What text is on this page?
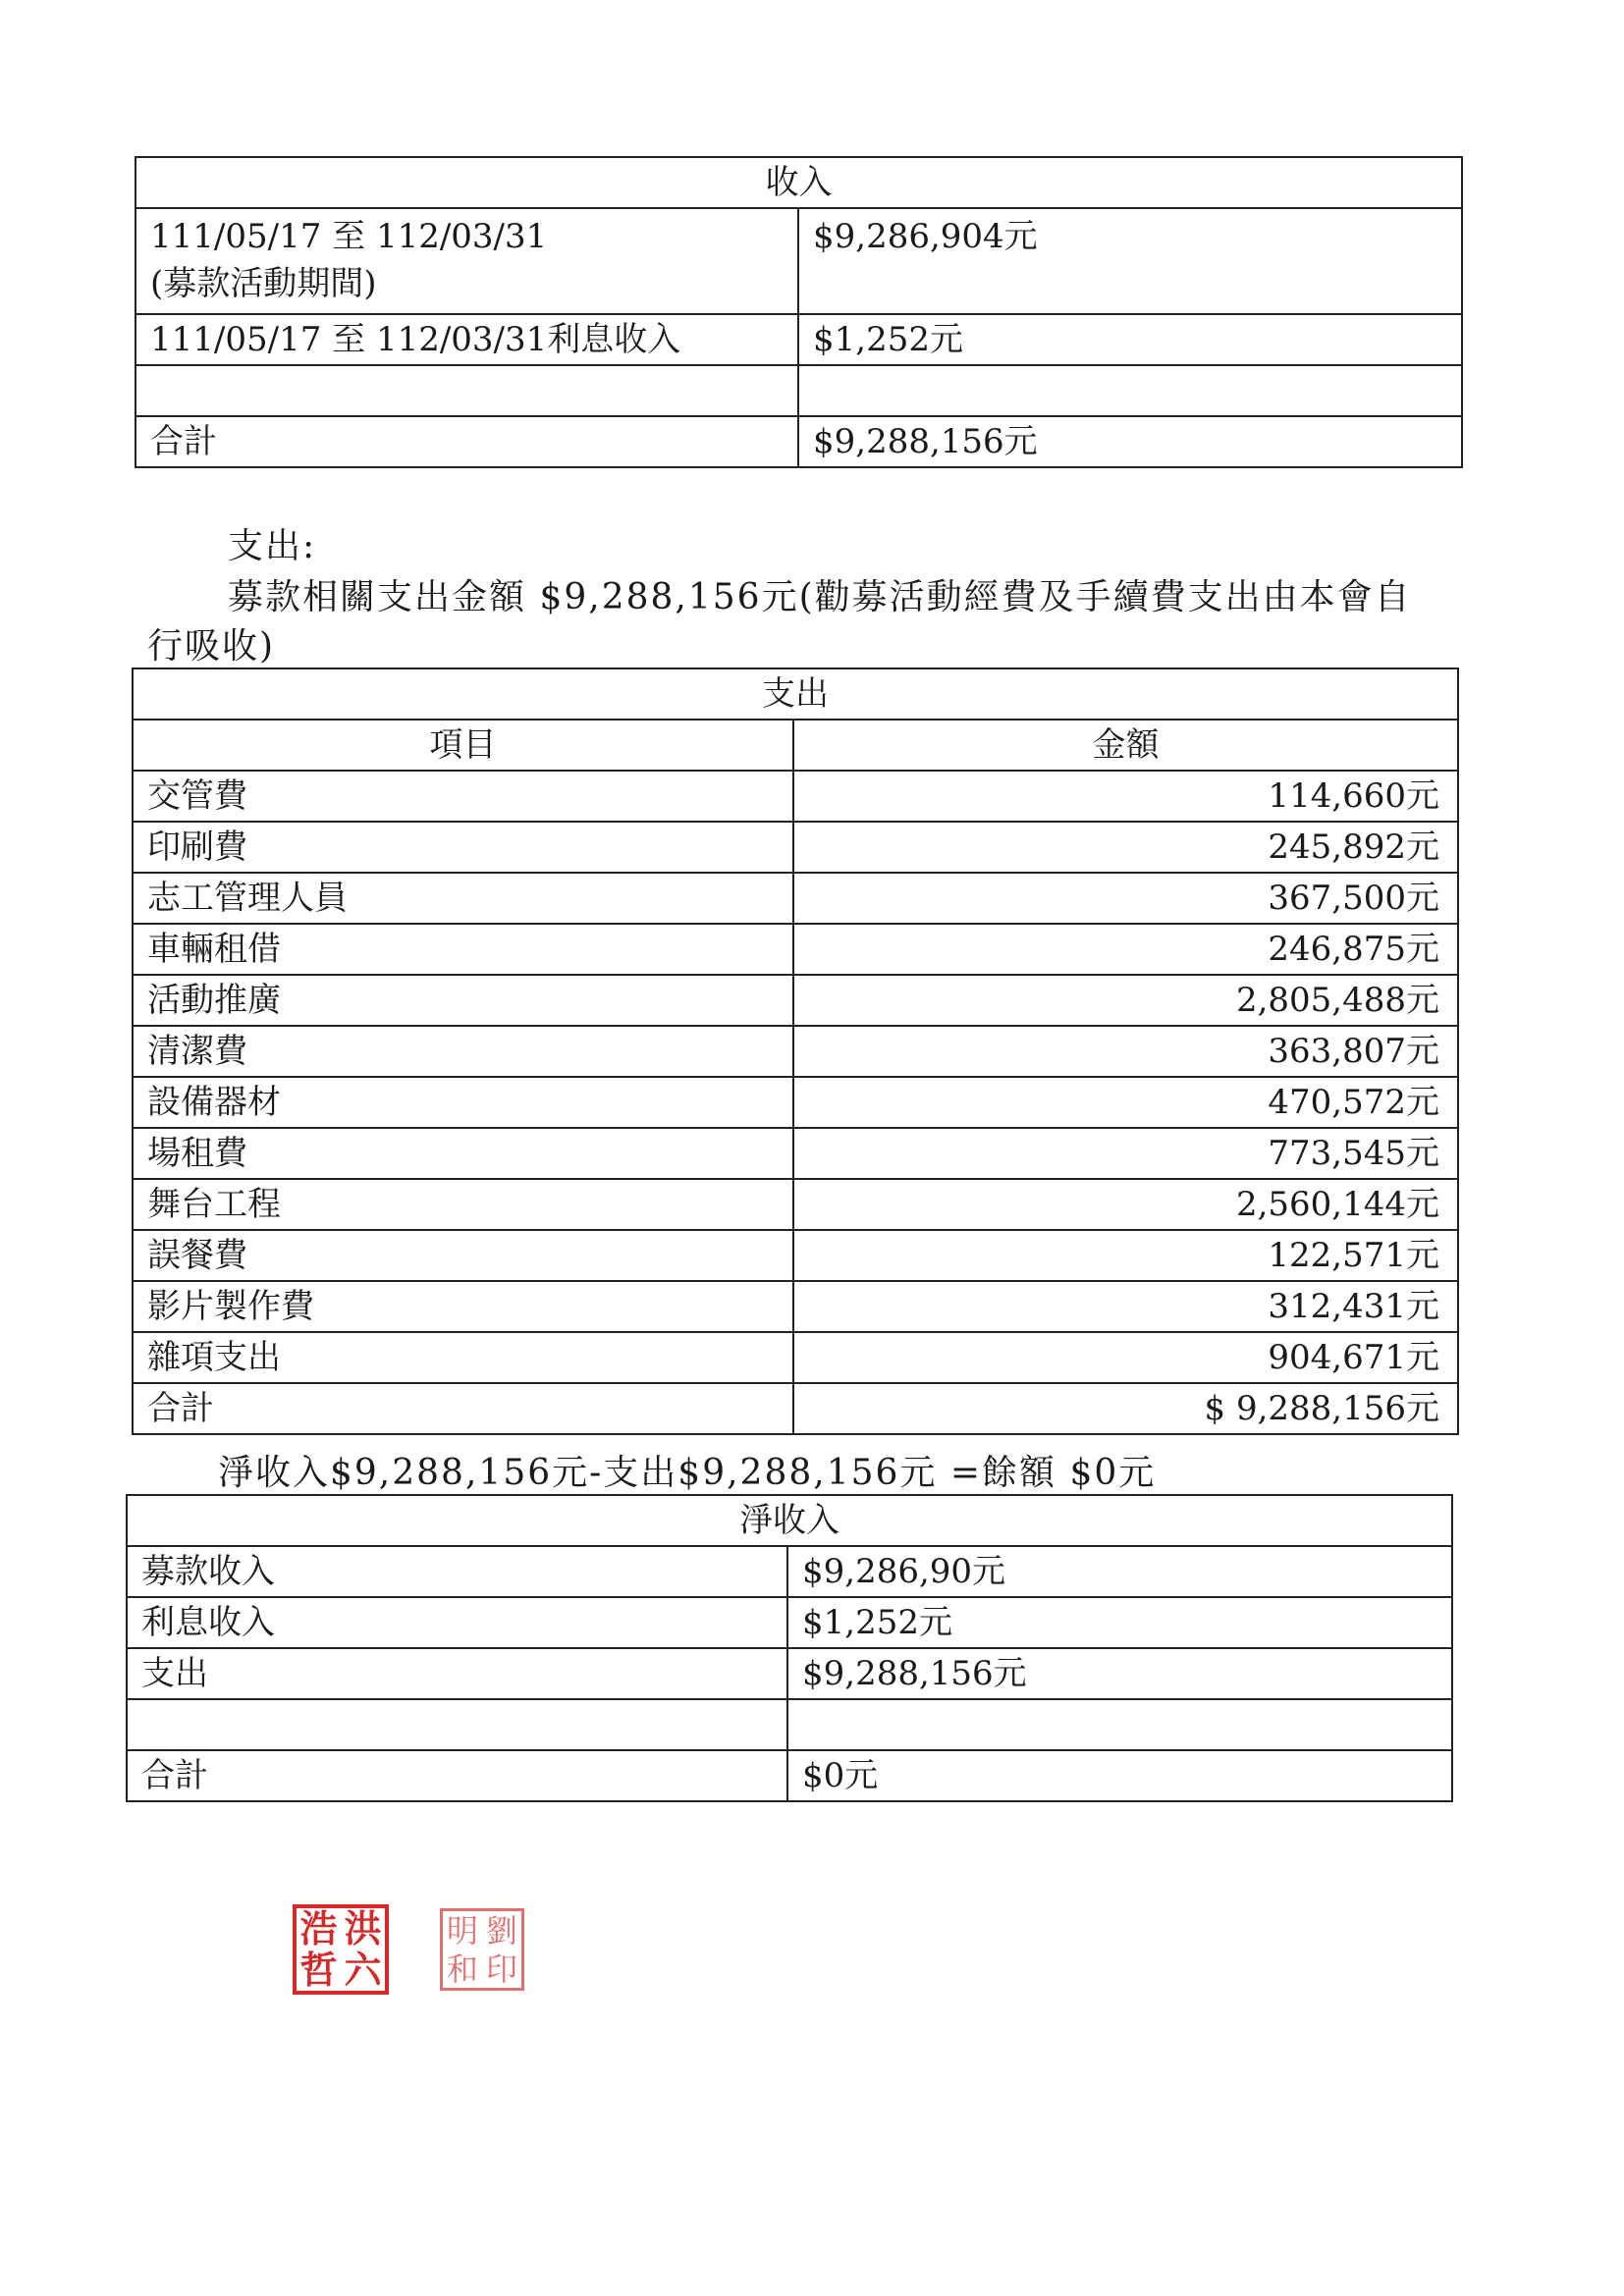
收入	

111/05/17 至 112/03/31
(募款活動期間)	$9,286,904元

111/05/17 至 112/03/31利息收入	$1,252元

合計	$9,288,156元

支出:

募款相關支出金額 $9,288,156元(勸募活動經費及手續費支出由本會自

行吸收)

支出	
項目	金額
交管費	114,660元
印刷費	245,892元
志工管理人員	367,500元
車輛租借	246,875元
活動推廣	2,805,488元
清潔費	363,807元
設備器材	470,572元
場租費	773,545元
舞台工程	2,560,144元
誤餐費	122,571元
影片製作費	312,431元
雜項支出	904,671元
合計	$ 9,288,156元

淨收入$9,288,156元-支出$9,288,156元 =餘額 $0元

淨收入	
募款收入	$9,286,90元
利息收入	$1,252元
支出	$9,288,156元

合計	$0元
浩 洪
哲 六
明 劉
和 印
